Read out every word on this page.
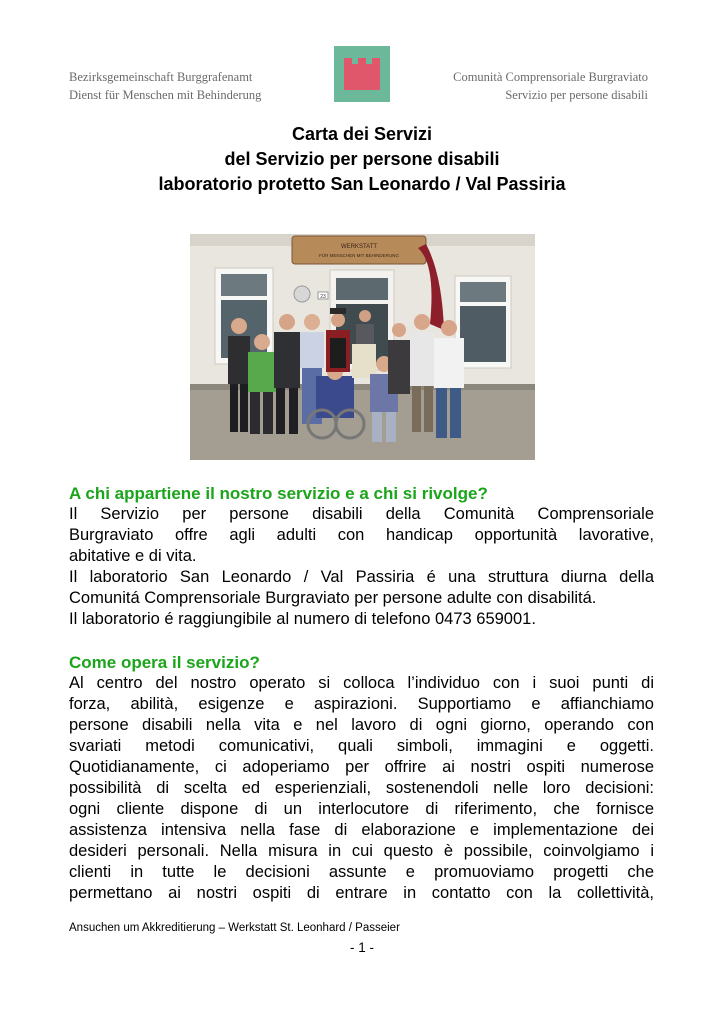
Bezirksgemeinschaft Burggrafenamt
Dienst für Menschen mit Behinderung
Comunità Comprensoriale Burgraviato
Servizio per persone disabili
Carta dei Servizi
del Servizio per persone disabili
laboratorio protetto San Leonardo / Val Passiria
WERKSTATT
FÜR MENSCHEN MIT BEHINDERUNG
23
A chi appartiene il nostro servizio e a chi si rivolge?
Il Servizio per persone disabili della Comunità Comprensoriale
Burgraviato offre agli adulti con handicap opportunità lavorative,
abitative e di vita.
Il laboratorio San Leonardo / Val Passiria é una struttura diurna della
Comunitá Comprensoriale Burgraviato per persone adulte con disabilitá.
Il laboratorio é raggiungibile al numero di telefono 0473 659001.
Come opera il servizio?
Al centro del nostro operato si colloca l’individuo con i suoi punti di
forza, abilità, esigenze e aspirazioni. Supportiamo e affianchiamo
persone disabili nella vita e nel lavoro di ogni giorno, operando con
svariati metodi comunicativi, quali simboli, immagini e oggetti.
Quotidianamente, ci adoperiamo per offrire ai nostri ospiti numerose
possibilità di scelta ed esperienziali, sostenendoli nelle loro decisioni:
ogni cliente dispone di un interlocutore di riferimento, che fornisce
assistenza intensiva nella fase di elaborazione e implementazione dei
desideri personali. Nella misura in cui questo è possibile, coinvolgiamo i
clienti in tutte le decisioni assunte e promuoviamo progetti che
permettano ai nostri ospiti di entrare in contatto con la collettività,
Ansuchen um Akkreditierung – Werkstatt St. Leonhard / Passeier
- 1 -
